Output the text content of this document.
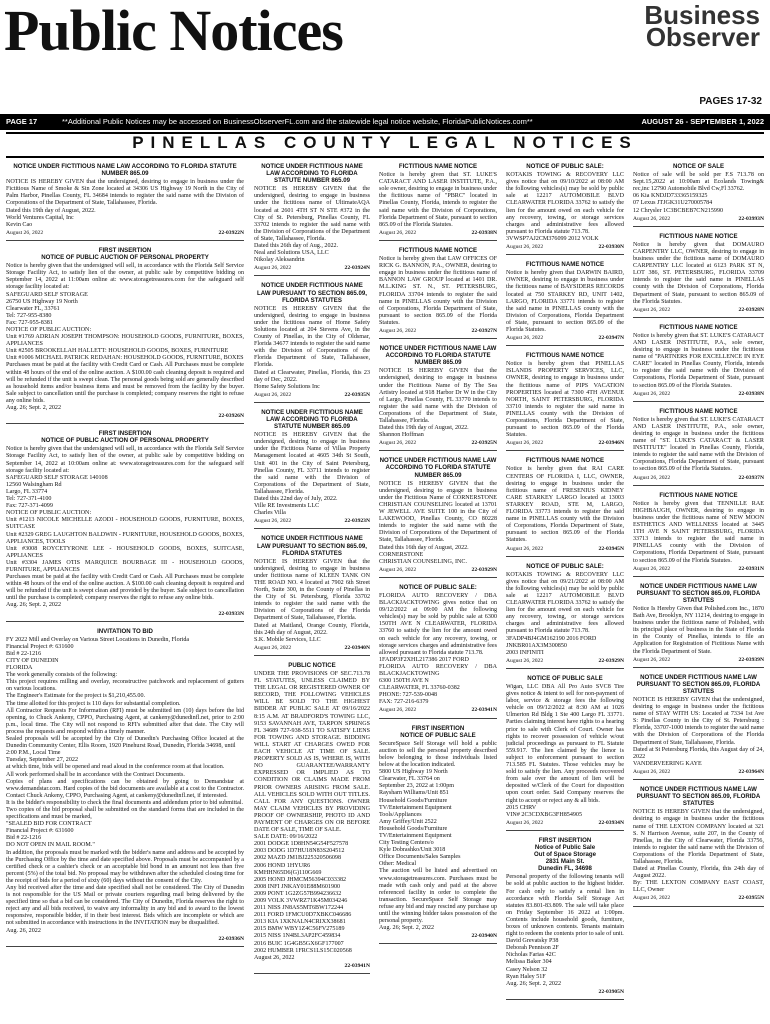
Public Notices	Business
Observer
PAGES 17-32
PAGE 17	**Additional Public Notices may be accessed on BusinessObserverFL.com and the statewide legal notice website, FloridaPublicNotices.com**	AUGUST 26 - SEPTEMBER 1, 2022
PINELLAS COUNTY LEGAL NOTICES
NOTICE UNDER FICTITIOUS NAME LAW ACCORDING TO FLORIDA STATUTE NUMBER 865.09
NOTICE IS HEREBY GIVEN that the undersigned, desiring to engage in business under the Fictitious Name of Smoke & Sin Zone located at 34306 US Highway 19 North in the City of Palm Harbor, Pinellas County, FL 34684 intends to register the said name with the Division of Corporations of the Department of State, Tallahassee, Florida.
Dated this 19th day of August, 2022.
World Ventures Capital, Inc
Kevin Cao
August 26, 2022	22-03922N
FIRST INSERTION
NOTICE OF PUBLIC AUCTION OF PERSONAL PROPERTY
Notice is hereby given that the undersigned will sell, in accordance with the Florida Self Service Storage Facility Act, to satisfy lien of the owner, at public sale by competitive bidding on September 14, 2022 at 11:00am online at: www.storagetreasures.com for the safeguard self storage facility located at:
SAFEGUARD SELF STORAGE
26750 US Highway 19 North
Clearwater FL, 33761
Tel: 727-955-8380
Fax: 727-955-8381
NOTICE OF PUBLIC AUCTION:
Unit #1769 ADRIAN JOSEPH THOMPSON: HOUSEHOLD GOODS, FURNITURE, BOXES, APPLIANCES
Unit #2505 BROOKELLAH HALLETT: HOUSEHOLD GOODS, BOXES, FURNITURE
Unit #1006 MICHAEL PATRICK REDAHAN: HOUSEHOLD GOODS, FURNITURE, BOXES
Purchases must be paid at the facility with Credit Card or Cash. All Purchases must be complete within 48 hours of the end of the online auction. A $100.00 cash cleaning deposit is required and will be refunded if the unit is swept clean. The personal goods being sold are generally described as household items and/or business items and must be removed from the facility by the buyer. Sale subject to cancellation until the purchase is completed; company reserves the right to refuse any online bids.
Aug. 26; Sept. 2, 2022
22-03926N
FIRST INSERTION
NOTICE OF PUBLIC AUCTION OF PERSONAL PROPERTY
Notice is hereby given that the undersigned will sell, in accordance with the Florida Self Service Storage Facility Act, to satisfy lien of the owner, at public sale by competitive bidding on September 14, 2022 at 10:00am online at: www.storagetreasures.com for the safeguard self storage facility located at:
SAFEGUARD SELF STORAGE 140108
12560 Walsingham Rd
Largo, FL 33774
Tel: 727-371-4100
Fax: 727-371-4099
NOTICE OF PUBLIC AUCTION:
Unit #1213 NICOLE MICHELLE AZODI - HOUSEHOLD GOODS, FURNITURE, BOXES, SUITCASE
Unit #2329 GREG LAUGHTON BALDWIN - FURNITURE, HOUSEHOLD GOODS, BOXES, APPLIANCES, TOOLS
Unit #3008 ROYCETYRONE LEE - HOUSEHOLD GOODS, BOXES, SUITCASE, APPLIANCES
Unit #3304 JAMES OTIS MARQUICE BOURBAGE III - HOUSEHOLD GOODS, FURNITURE, APPLIANCES
Purchases must be paid at the facility with Credit Card or Cash. All Purchases must be complete within 48 hours of the end of the online auction. A $100.00 cash cleaning deposit is required and will be refunded if the unit is swept clean and provided by the buyer. Sale subject to cancellation until the purchase is completed; company reserves the right to refuse any online bids.
Aug. 26; Sept. 2, 2022
22-03933N
INVITATION TO BID
FY 2022 Mill and Overlay on Various Street Locations in Dunedin, Florida
Financial Project #: 631600
Bid # 22-1216
CITY OF DUNEDIN
FLORIDA
The work generally consists of the following:
This project requires milling and overlay, reconstructive patchwork and replacement of gutters on various locations.
The Engineer's Estimate for the project is $1,210,455.00.
The time allotted for this project is 110 days for substantial completion.
All Contractor Requests For Information (RFI) must be submitted ten (10) days before the bid opening, to Chuck Ankeny, CPPO, Purchasing Agent, at cankeny@dunedinfl.net, prior to 2:00 p.m., local time. The City will not respond to RFI's submitted after that date. The City will process the requests and respond within a timely manner.
Sealed proposals will be accepted by the City of Dunedin's Purchasing Office located at the Dunedin Community Center, Ellis Room, 1920 Pinehurst Road, Dunedin, Florida 34698, until
2:00 P.M., Local Time
Tuesday, September 27, 2022
at which time, bids will be opened and read aloud in the conference room at that location.
All work performed shall be in accordance with the Contract Documents.
Copies of plans and specifications can be obtained by going to Demandstar at www.demandstar.com. Hard copies of the bid documents are available at a cost to the Contractor. Contact Chuck Ankeny, CPPO, Purchasing Agent, at cankeny@dunedinfl.net, if interested.
It is the bidder's responsibility to check the final documents and addendum prior to bid submittal.
Two copies of the bid proposal shall be submitted on the standard forms that are included in the specifications and must be marked,
"SEALED BID FOR CONTRACT
Financial Project #: 631600
Bid # 22-1216
DO NOT OPEN IN MAIL ROOM."
In addition, the proposals must be marked with the bidder's name and address and be accepted by the Purchasing Office by the time and date specified above. Proposals must be accompanied by a certified check or a cashier's check or an acceptable bid bond in an amount not less than five percent (5%) of the total bid. No proposal may be withdrawn after the scheduled closing time for the receipt of bids for a period of sixty (60) days without the consent of the City.
Any bid received after the time and date specified shall not be considered. The City of Dunedin is not responsible for the US Mail or private couriers regarding mail being delivered by the specified time so that a bid can be considered. The City of Dunedin, Florida reserves the right to reject any and all bids received, to waive any informality in any bid and to award to the lowest responsive, responsible bidder, if in their best interest. Bids which are incomplete or which are not submitted in accordance with instructions in the INVITATION may be disqualified.
Aug. 26, 2022
22-03936N
NOTICE UNDER FICTITIOUS NAME LAW ACCORDING TO FLORIDA STATUTE NUMBER 865.09
NOTICE IS HEREBY GIVEN that the undersigned, desiring to engage in business under the fictitious name of UltimateAQA located at 2601 4TH ST N STE #372 in the City of St. Petersburg, Pinellas County, FL 33702 intends to register the said name with the Division of Corporations of the Department of State, Tallahassee, Florida.
Dated this 26th day of Aug., 2022.
Neal and Solutions USA, LLC
Nikolay Aleksandrin
August 26, 2022	22-03924N
NOTICE UNDER FICTITIOUS NAME LAW PURSUANT TO SECTION 865.09, FLORIDA STATUTES
NOTICE IS HEREBY GIVEN that the undersigned, desiring to engage in business under the fictitious name of Home Safety Solutions located at 204 Stevens Ave, in the County of Pinellas, in the City of Oldsmar, Florida 34677 intends to register the said name with the Division of Corporations of the Florida Department of State, Tallahassee, Florida.
Dated at Clearwater, Pinellas, Florida, this 23 day of Dec, 2022.
Home Safety Solutions Inc
August 26, 2022	22-03935N
NOTICE UNDER FICTITIOUS NAME LAW ACCORDING TO FLORIDA STATUTE NUMBER 865.09
NOTICE IS HEREBY GIVEN that the undersigned, desiring to engage in business under the Fictitious Name of Villas Property Management located at 4605 34th St South, Unit 401 in the City of Saint Petersburg, Pinellas County, FL 33711 intends to register the said name with the Division of Corporations of the Department of State, Tallahassee, Florida.
Dated this 22nd day of July, 2022.
Ville RE Investments LLC
Charles Villa
August 26, 2022	22-03923N
NOTICE UNDER FICTITIOUS NAME LAW PURSUANT TO SECTION 865.09, FLORIDA STATUTES
NOTICE IS HEREBY GIVEN that the undersigned, desiring to engage in business under fictitious name of KLEEN TANK ON THE ROAD NO. 4 located at 7902 6th Street North, Suite 300, in the County of Pinellas in the City of St. Petersburg, Florida 33702 intends to register the said name with the Division of Corporations of the Florida Department of State, Tallahassee, Florida.
Dated at Maitland, Orange County, Florida, this 24th day of August, 2022.
S.K. Mobile Services, LLC
August 26, 2022	22-03940N
PUBLIC NOTICE
UNDER THE PROVISIONS OF SEC.713.78 FL STATUTES, UNLESS CLAIMED BY THE LEGAL OR REGISTERED OWNER OF RECORD, THE FOLLOWING VEHICLES WILL BE SOLD TO THE HIGHEST BIDDER AT PUBLIC SALE AT 09/16/2022 8:15 A.M. AT BRADFORD'S TOWING LLC, 9153 SAVANNAH AVE, TARPON SPRINGS FL 34689 727-938-5511 TO SATISFY LIENS FOR TOWING AND STORAGE. BIDDING WILL START AT CHARGES OWED FOR EACH VEHICLE AT TIME OF SALE. PROPERTY SOLD AS IS, WHERE IS, WITH NO GUARANTEE/WARRANTY EXPRESSED OR IMPLIED AS TO CONDITION OR CLAIMS MADE FROM PRIOR OWNERS ARISING FROM SALE. ALL VEHICLES SOLD WITH OUT TITLES. CALL FOR ANY QUESTIONS. OWNER MAY CLAIM VEHICLES BY PROVIDING PROOF OF OWNERSHIP, PHOTO ID AND PAYMENT OF CHARGES ON OR BEFORE DATE OF SALE, TIME OF SALE.
SALE DATE: 09/16/2022
2001 DODGE 1D8HN54G54F527578
2003 DODG 1D7HU18N83S204512
2002 MAZD JM1BJ225320506098
2006 HOND 1HYUR6
KMHHN65D6(G)110G669
2005 HOND JHMCM56394C033382
2008 INFI JNKAY01E88M601900
2009 PONT 1G2ZG57B994236632
2009 VOLK 3VWRZ71K45M034246
2011 NISS JN8AS5MT6BW172244
2011 FORD 1FMCU0D7XBKC046686
2013 KIA 1XKNALN4CRIXX38681
2015 BMW WBY1Z4C56FV275189
2015 NISS 1N4BL3AP2FC459834
2016 BUIC 1G4GB5GX6GF177007
2002 HUMBER 1FRCS1LS15C020568
August 26, 2022
22-03941N
FICTITIOUS NAME NOTICE
Notice is hereby given that ST. LUKE'S CATARACT AND LASER INSTITUTE, P.A., sole owner, desiring to engage in business under the fictitious name of "PBRC" located in Pinellas County, Florida, intends to register the said name with the Division of Corporations, Florida Department of State, pursuant to section 865.09 of the Florida Statutes.
August 26, 2022	22-03938N
FICTITIOUS NAME NOTICE
Notice is hereby given that LAW OFFICES OF RICK G. BANNON, P.A., OWNER, desiring to engage in business under the fictitious name of BANNON LAW GROUP located at 1401 DR. M.L.KING ST. N., ST. PETERSBURG, FLORIDA 33704 intends to register the said name in PINELLAS county with the Division of Corporations, Florida Department of State, pursuant to section 865.09 of the Florida Statutes.
August 26, 2022	22-03927N
NOTICE UNDER FICTITIOUS NAME LAW ACCORDING TO FLORIDA STATUTE NUMBER 865.09
NOTICE IS HEREBY GIVEN that the undersigned, desiring to engage in business under the Fictitious Name of By The Sea Artistry located at 918 Harbor Dr W in the City of Largo, Pinellas County, FL 33770 intends to register the said name with the Division of Corporations of the Department of State, Tallahassee, Florida.
Dated this 19th day of August, 2022.
Shannon Hoffman
August 26, 2022	22-03925N
NOTICE UNDER FICTITIOUS NAME LAW ACCORDING TO FLORIDA STATUTE NUMBER 865.09
NOTICE IS HEREBY GIVEN that the undersigned, desiring to engage in business under the Fictitious Name of CORNERSTONE CHRISTIAN COUNSELING located at 13701 W JEWELL AVE SUITE 100 in the City of LAKEWOOD, Pinellas County, CO 80228 intends to register the said name with the Division of Corporations of the Department of State, Tallahassee, Florida.
Dated this 16th day of August, 2022.
CORNERSTONE
CHRISTIAN COUNSELING, INC.
August 26, 2022	22-03929N
NOTICE OF PUBLIC SALE:
FLORIDA AUTO RECOVERY / DBA BLACKJACKTOWING gives notice that on 09/12/2022 at 09:00 AM the following vehicles(s) may be sold by public sale at 6300 150TH AVE N CLEARWATER, FLORIDA 33760 to satisfy the lien for the amount owed on each vehicle for any recovery, towing, or storage services charges and administrative fees allowed pursuant to Florida statute 713.78.
1FADP3F2XHL217386 2017 FORD
FLORIDA AUTO RECOVERY / DBA BLACKJACKTOWING
6300 150TH AVE N
CLEARWATER, FL 33760-0382
PHONE: 727-539-0048
FAX: 727-216-6379
August 26, 2022	22-03941N
FIRST INSERTION
NOTICE OF PUBLIC SALE
SecureSpace Self Storage will hold a public auction to sell the personal property described below belonging to those individuals listed below at the location indicated.
5800 US Highway 19 North
Clearwater, FL 33764 on
September 23, 2022 at 1:00pm
Raysharn Williams/Unit 851
Household Goods/Furniture
TV/Entertainment Equipment
Tools/Appliances
Amy Griffey/Unit 2522
Household Goods/Furniture
TV/Entertainment Equipment
City Testing Centers/o
Kyle Dobrashko/Unit 3018
Office Documents/Sales Samples
Other: Medical
The auction will be listed and advertised on www.storagetreasures.com. Purchases must be made with cash only and paid at the above referenced facility in order to complete the transaction. SecureSpace Self Storage may refuse any bid and may rescind any purchase up until the winning bidder takes possession of the personal property.
Aug. 26; Sept. 2, 2022
22-03940N
NOTICE OF PUBLIC SALE:
KOTAKIS TOWING & RECOVERY LLC gives notice that on 09/10/2022 at 08:00 AM the following vehicles(s) may be sold by public sale at 12217 AUTOMOBILE BLVD CLEARWATER FLORIDA 33762 to satisfy the lien for the amount owed on each vehicle for any recovery, towing, or storage services charges and administrative fees allowed pursuant to Florida statute 713.78.
3VWSP7AJ2CM376099 2012 VOLK
August 26, 2022	22-03930N
FICTITIOUS NAME NOTICE
Notice is hereby given that DARWIN BAIRD, OWNER, desiring to engage in business under the fictitious name of BAYSIDERS RECORDS located at 750 STARKEY RD, UNIT 1402, LARGO, FLORIDA 33771 intends to register the said name in PINELLAS county with the Division of Corporations, Florida Department of State, pursuant to section 865.09 of the Florida Statutes.
August 26, 2022	22-03947N
FICTITIOUS NAME NOTICE
Notice is hereby given that PINELLAS ISLANDS PROPERTY SERVICES, LLC, OWNER, desiring to engage in business under the fictitious name of PIPS VACATION PROPERTIES located at 7300 4TH AVENUE NORTH, SAINT PETERSBURG, FLORIDA 33710 intends to register the said name in PINELLAS county with the Division of Corporations, Florida Department of State, pursuant to section 865.09 of the Florida Statutes.
August 26, 2022	22-03946N
FICTITIOUS NAME NOTICE
Notice is hereby given that RAI CARE CENTERS OF FLORIDA I, LLC, OWNER, desiring to engage in business under the fictitious name of FRESENIUS KIDNEY CARE STARKEY LARGO located at 13003 STARKEY ROAD, STE M, LARGO, FLORIDA 33773 intends to register the said name in PINELLAS county with the Division of Corporations, Florida Department of State, pursuant to section 865.09 of the Florida Statutes.
August 26, 2022	22-03945N
NOTICE OF PUBLIC SALE:
KOTAKIS TOWING & RECOVERY LLC gives notice that on 09/21/2022 at 08:00 AM the following vehicles(s) may be sold by public sale at 12217 AUTOMOBILE BLVD CLEARWATER FLORIDA 33762 to satisfy the lien for the amount owed on each vehicle for any recovery, towing, or storage services charges and administrative fees allowed pursuant to Florida statute 713.78.
3FADP4BJ4GM162190 2016 FORD
JNKBR01AX3M300850
2003 INFINITI
August 26, 2022	22-03929N
NOTICE OF PUBLIC SALE
Wigan, LLC DBA All Pro Auto SVC8 Tire gives notice & intent to sell for non-payment of labor, service & storage fees the following vehicle on 09/12/2022 at 8:30 AM at 1026 Ulmerton Rd Bldg 1 Ste 400 Largo FL 33771. Parties claiming interest have rights to a hearing prior to sale with Clerk of Court. Owner has rights to recover possession of vehicle w/out judicial proceedings as pursuant to FL Statute 559.917. The lien claimed by the lienor is subject to enforcement pursuant to section 713.585 FL Statutes. Those vehicles may be sold to satisfy the lien. Any proceeds recovered from sale over the amount of lien will be deposited w/Clerk of the Court for disposition upon court order. Said Company reserves the right to accept or reject any & all bids.
2015 CHRV
VIN# 2C3CDXBG3FH854905
August 26, 2022	22-03934N
FIRST INSERTION
Notice of Public Sale
Out of Space Storage
2831 Main St.
Dunedin FL, 34698
Personal property of the following tenants will be sold at public auction to the highest bidder. For cash only to satisfy a rental lien in accordance with Florida Self Storage Act statutes 83.801-83.809. The sale will take place on Friday September 16 2022 at 1:00pm. Contents include household goods, furniture, boxes of unknown contents. Tenants maintain right to redeem the contents prior to sale of unit.
David Grevatsky P38
Deborah Pennison 2F
Nicholas Farias 42C
Melissa Baker 304
Casey Nelson 32
Ryan Haley 51F
Aug. 26; Sept. 2, 2022
22-03905N
NOTICE OF SALE
Notice of sale will be sold per F.S 713.78 on Sept.15,2022 at 10:00am at Ecolands Towing& rec,inc 12790 Automobile Blvd Cw,Fl 33762.
06 Kia KNDJD733365159325
07 Lexus JTJGK31U270005784
12 Chrysler 1C3BCBEB7CN215990
August 26, 2022	22-03993N
FICTITIOUS NAME NOTICE
Notice is hereby given that DOMAURO CARPENTRY LLC, OWNER, desiring to engage in business under the fictitious name of DOMAURO CARPENTRY LLC located at 6123 PARK ST N, LOT 386, ST. PETERSBURG, FLORIDA 33709 intends to register the said name in PINELLAS county with the Division of Corporations, Florida Department of State, pursuant to section 865.09 of the Florida Statutes.
August 26, 2022	22-03928N
FICTITIOUS NAME NOTICE
Notice is hereby given that ST. LUKE'S CATARACT AND LASER INSTITUTE, P.A., sole owner, desiring to engage in business under the fictitious name of "PARTNERS FOR EXCELLENCE IN EYE CARE" located in Pinellas County, Florida, intends to register the said name with the Division of Corporations, Florida Department of State, pursuant to section 865.09 of the Florida Statutes.
August 26, 2022	22-03938N
FICTITIOUS NAME NOTICE
Notice is hereby given that ST. LUKE'S CATARACT AND LASER INSTITUTE, P.A., sole owner, desiring to engage in business under the fictitious name of "ST. LUKE'S CATARACT & LASER INSTITUTE" located in Pinellas County, Florida, intends to register the said name with the Division of Corporations, Florida Department of State, pursuant to section 865.09 of the Florida Statutes.
August 26, 2022	22-03937N
FICTITIOUS NAME NOTICE
Notice is hereby given that TENNILLE RAE HIGHBAUGH, OWNER, desiring to engage in business under the fictitious name of NEW MOON ESTHETICS AND WELLNESS located at 3445 1TH AVE N SAINT PETERSBURG, FLORIDA 33713 intends to register the said name in PINELLAS county with the Division of Corporations, Florida Department of State, pursuant to section 865.09 of the Florida Statutes.
August 26, 2022	22-03931N
NOTICE UNDER FICTITIOUS NAME LAW PURSUANT TO SECTION 865.09, FLORIDA STATUTES
Notice Is Hereby Given that Polished.com Inc., 1870 Bath Ave, Brooklyn, NY 11214, desiring to engage in business under the fictitious name of Polished, with its principal place of business in the State of Florida in the County of Pinellas, intends to file an Application for Registration of Fictitious Name with the Florida Department of State.
August 26, 2022	22-03939N
NOTICE UNDER FICTITIOUS NAME LAW PURSUANT TO SECTION 865.09, FLORIDA STATUTES
NOTICE IS HEREBY GIVEN that the undersigned, desiring to engage in business under the fictitious name of STAY WITH US: Located at 7334 1st Ave S: Pinellas County in the City of St. Petersburg : Florida, 33707-1000 intends to register the said name with the Division of Corporations of the Florida Department of State, Tallahassee, Florida.
Dated at St Petersburg Florida, this August day of 24, 2022
VANDERVEERING KAYE
August 26, 2022	22-03964N
NOTICE UNDER FICTITIOUS NAME LAW PURSUANT TO SECTION 865.09, FLORIDA STATUTES
NOTICE IS HEREBY GIVEN that the undersigned, desiring to engage in business under the fictitious name of THE LEXTON COMPANY located at 321 S. N Harrison Avenue, suite 207, in the County of Pinellas, in the City of Clearwater, Florida 33756, intends to register the said name with the Division of Corporations of the Florida Department of State, Tallahassee, Florida.
Dated at Pinellas County, Florida, this 24th day of August 2022.
By: THE LEXTON COMPANY EAST COAST, LLC, Owner
August 26, 2022	22-03955N
